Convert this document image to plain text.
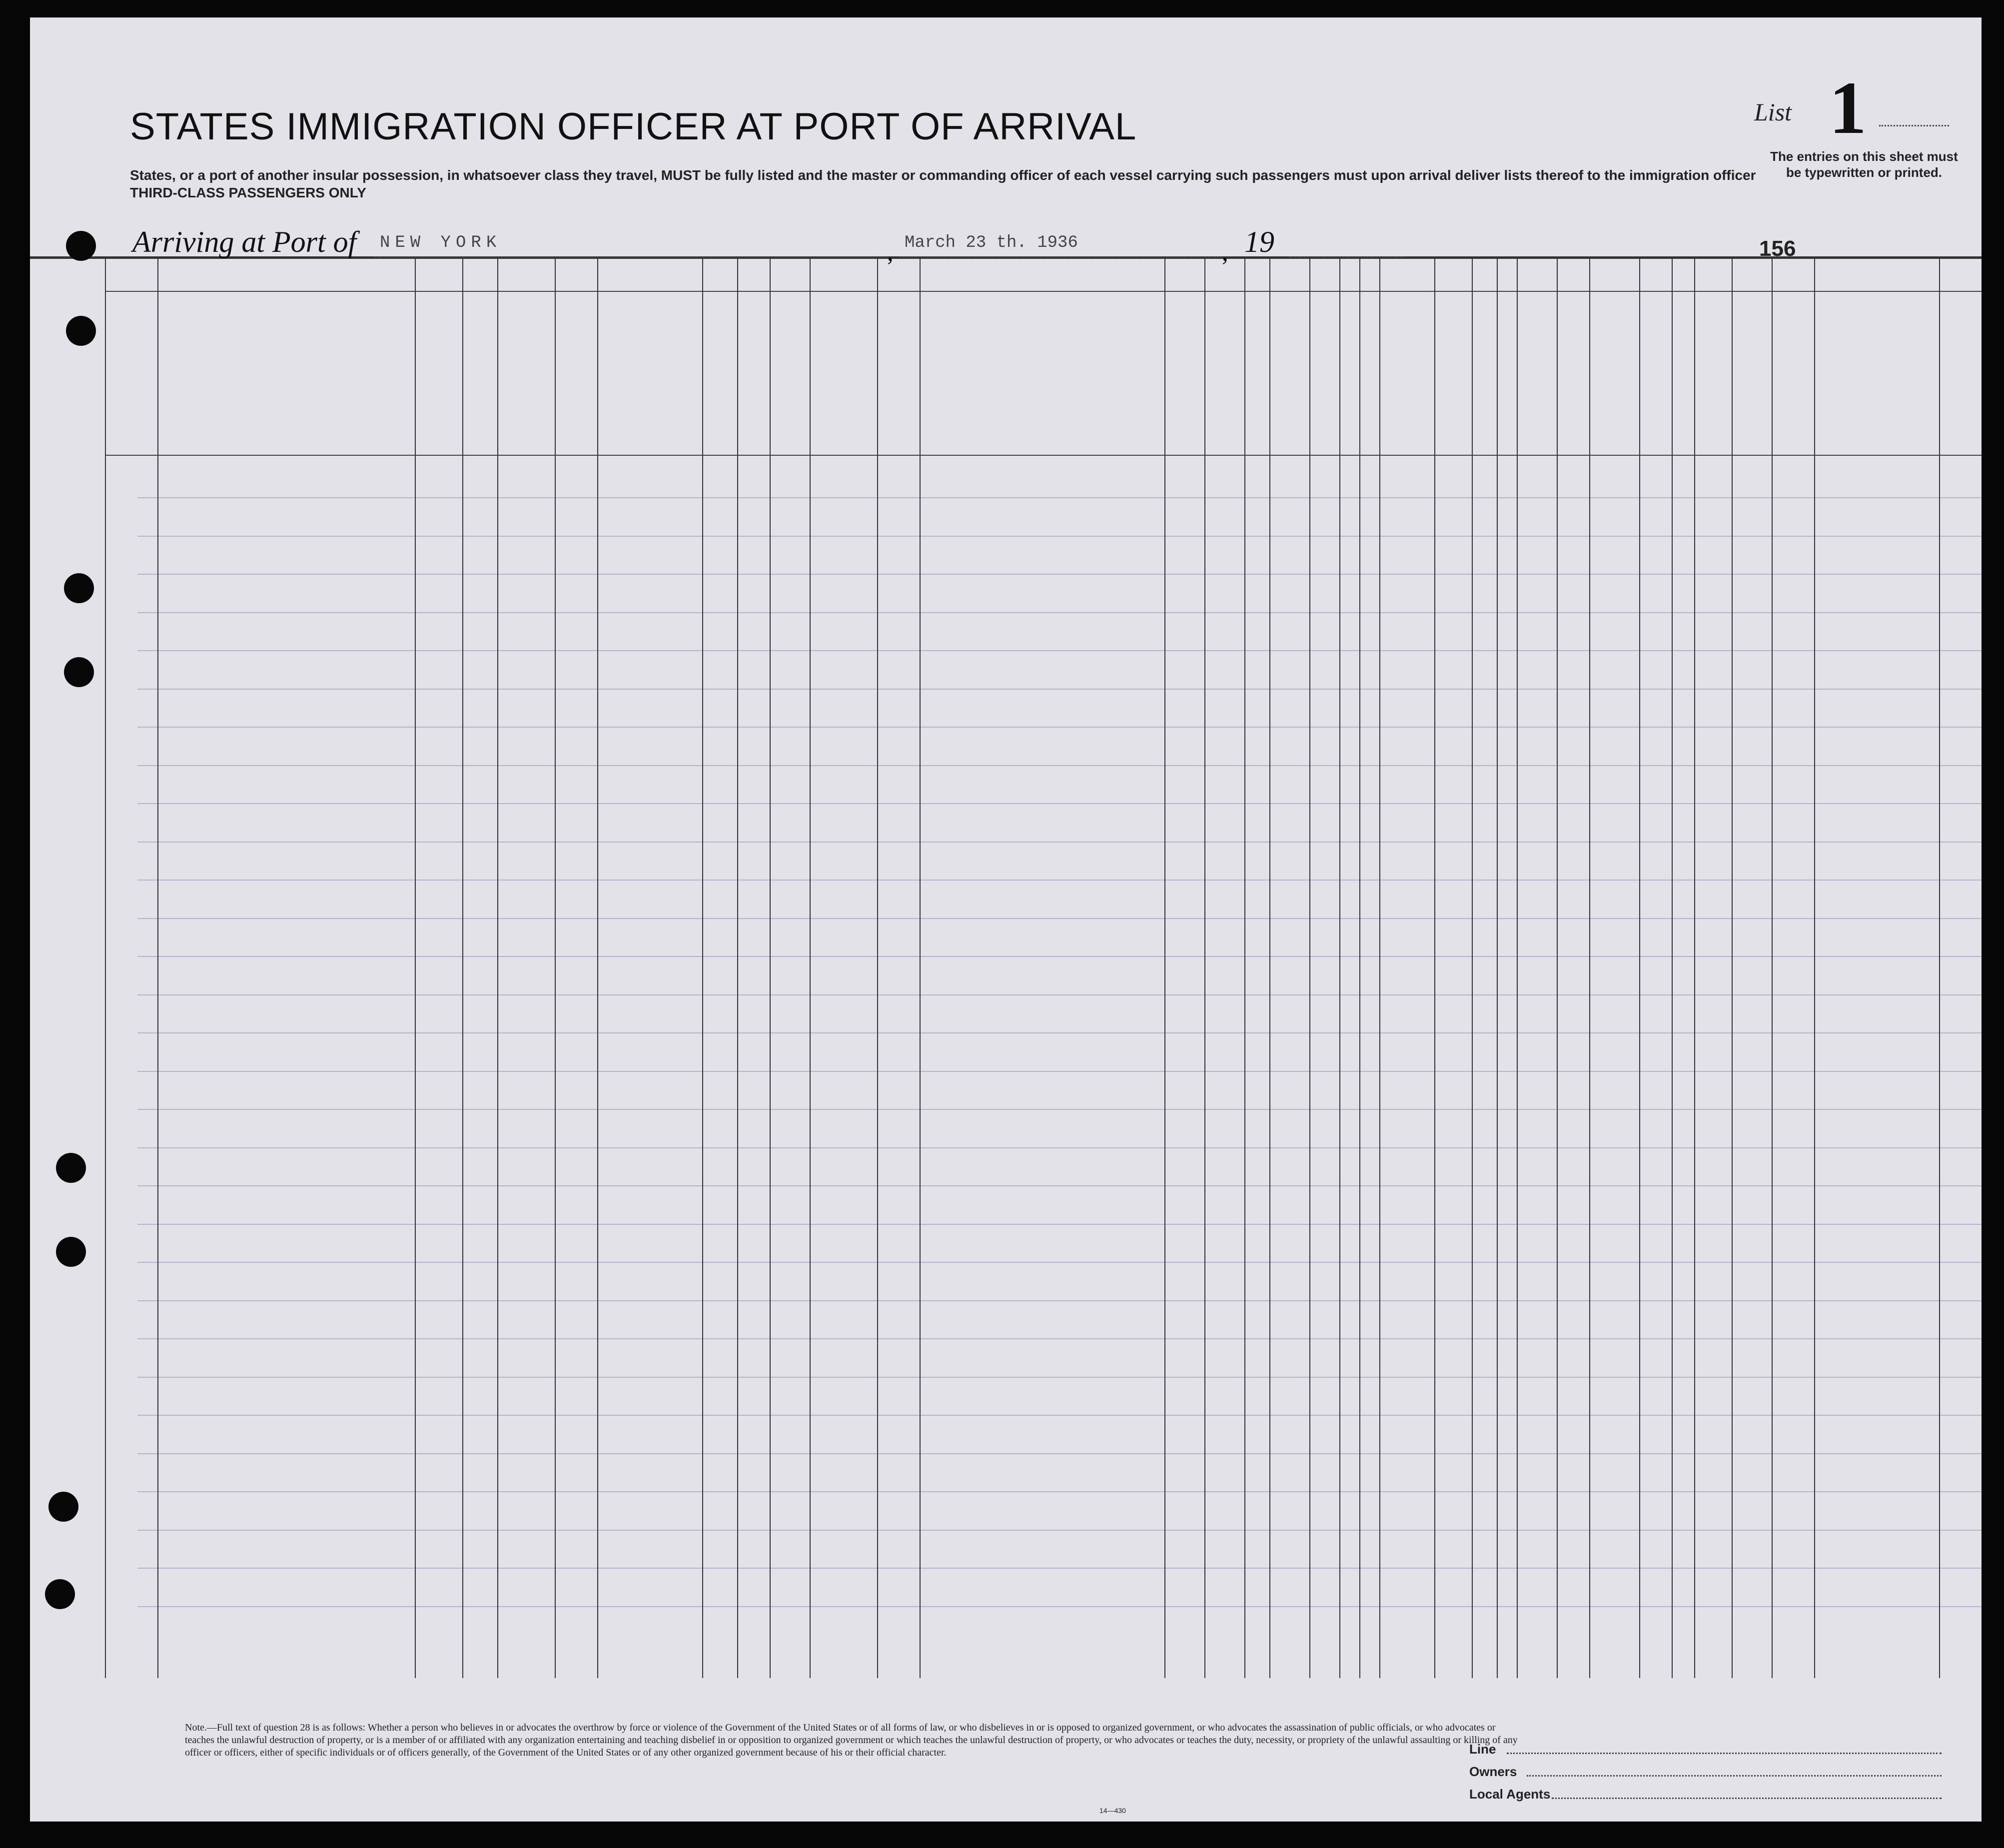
STATES IMMIGRATION OFFICER AT PORT OF ARRIVAL
States, or a port of another insular possession, in whatsoever class they travel, MUST be fully listed and the master or commanding officer of each vessel carrying such passengers must upon arrival deliver lists thereof to the immigration officer
THIRD-CLASS PASSENGERS ONLY
List 1
The entries on this sheet must
be typewritten or printed.
Arriving at Port of NEW YORK	, March 23 th. 1936	, 19	156
Note.—Full text of question 28 is as follows: Whether a person who believes in or advocates the overthrow by force or violence of the Government of the United States or of all forms of law, or who disbelieves in or is opposed to organized government, or who advocates the assassination of public officials, or who advocates or teaches the unlawful destruction of property, or is a member of or affiliated with any organization entertaining and teaching disbelief in or opposition to organized government or which teaches the unlawful destruction of property, or who advocates or teaches the duty, necessity, or propriety of the unlawful assaulting or killing of any officer or officers, either of specific individuals or of officers generally, of the Government of the United States or of any other organized government because of his or their official character.
14—430
Line
Owners
Local Agents
